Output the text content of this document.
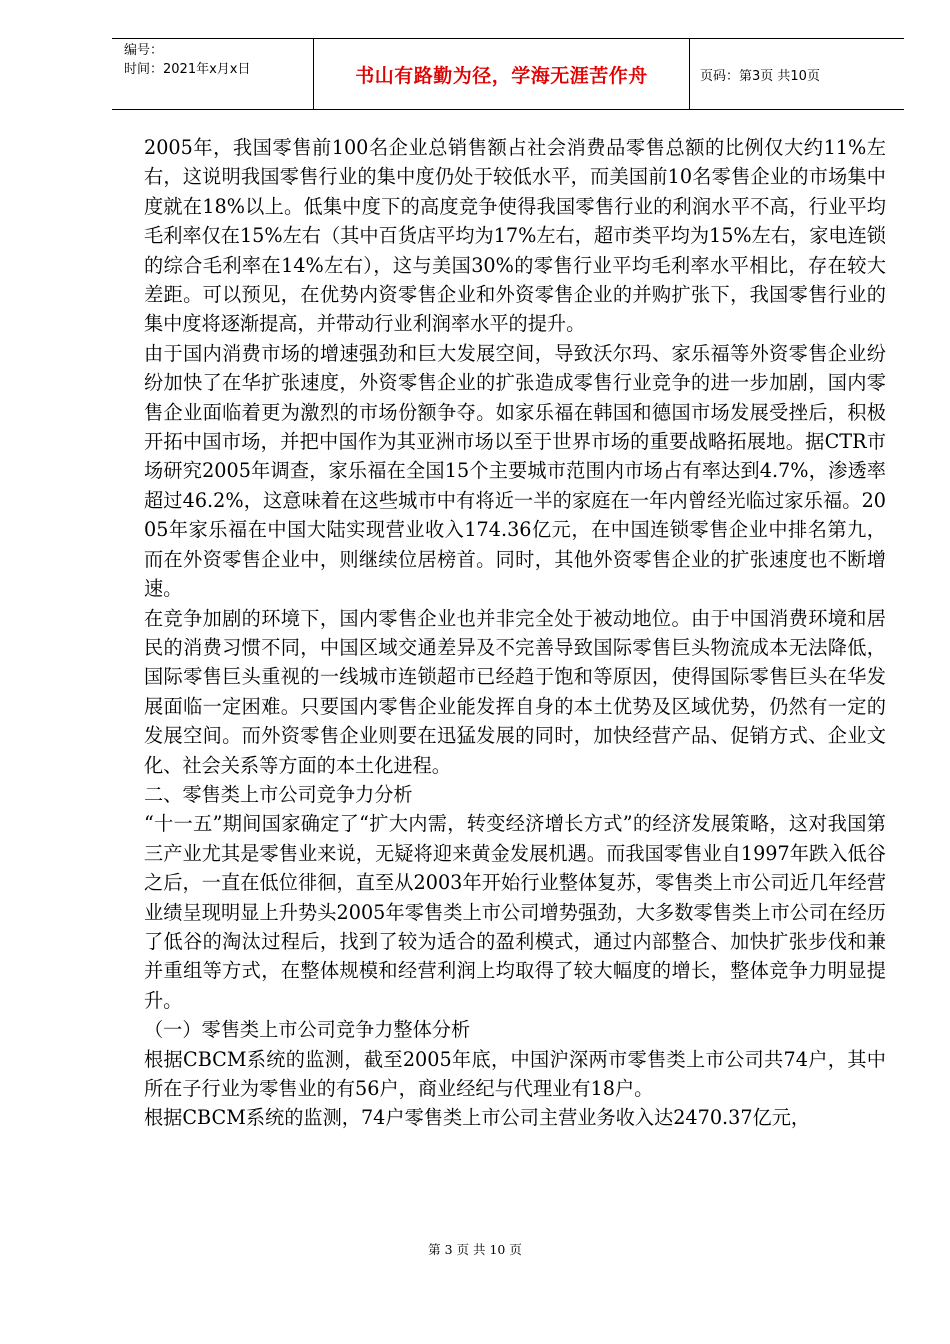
编号：
时间：2021年x月x日	书山有路勤为径，学海无涯苦作舟	页码：第3页 共10页

2005年，我国零售前100名企业总销售额占社会消费品零售总额的比例仅大约11%左右，这说明我国零售行业的集中度仍处于较低水平，而美国前10名零售企业的市场集中度就在18%以上。低集中度下的高度竞争使得我国零售行业的利润水平不高，行业平均毛利率仅在15%左右（其中百货店平均为17%左右，超市类平均为15%左右，家电连锁的综合毛利率在14%左右），这与美国30%的零售行业平均毛利率水平相比，存在较大差距。可以预见，在优势内资零售企业和外资零售企业的并购扩张下，我国零售行业的集中度将逐渐提高，并带动行业利润率水平的提升。

由于国内消费市场的增速强劲和巨大发展空间，导致沃尔玛、家乐福等外资零售企业纷纷加快了在华扩张速度，外资零售企业的扩张造成零售行业竞争的进一步加剧，国内零售企业面临着更为激烈的市场份额争夺。如家乐福在韩国和德国市场发展受挫后，积极开拓中国市场，并把中国作为其亚洲市场以至于世界市场的重要战略拓展地。据CTR市场研究2005年调查，家乐福在全国15个主要城市范围内市场占有率达到4.7%，渗透率超过46.2%，这意味着在这些城市中有将近一半的家庭在一年内曾经光临过家乐福。2005年家乐福在中国大陆实现营业收入174.36亿元，在中国连锁零售企业中排名第九，而在外资零售企业中，则继续位居榜首。同时，其他外资零售企业的扩张速度也不断增速。

在竞争加剧的环境下，国内零售企业也并非完全处于被动地位。由于中国消费环境和居民的消费习惯不同，中国区域交通差异及不完善导致国际零售巨头物流成本无法降低，国际零售巨头重视的一线城市连锁超市已经趋于饱和等原因，使得国际零售巨头在华发展面临一定困难。只要国内零售企业能发挥自身的本土优势及区域优势，仍然有一定的发展空间。而外资零售企业则要在迅猛发展的同时，加快经营产品、促销方式、企业文化、社会关系等方面的本土化进程。

二、零售类上市公司竞争力分析

“十一五”期间国家确定了“扩大内需，转变经济增长方式”的经济发展策略，这对我国第三产业尤其是零售业来说，无疑将迎来黄金发展机遇。而我国零售业自1997年跌入低谷之后，一直在低位徘徊，直至从2003年开始行业整体复苏，零售类上市公司近几年经营业绩呈现明显上升势头2005年零售类上市公司增势强劲，大多数零售类上市公司在经历了低谷的淘汰过程后，找到了较为适合的盈利模式，通过内部整合、加快扩张步伐和兼并重组等方式，在整体规模和经营利润上均取得了较大幅度的增长，整体竞争力明显提升。

（一）零售类上市公司竞争力整体分析

根据CBCM系统的监测，截至2005年底，中国沪深两市零售类上市公司共74户，其中所在子行业为零售业的有56户，商业经纪与代理业有18户。

根据CBCM系统的监测，74户零售类上市公司主营业务收入达2470.37亿元，

第 3 页 共 10 页
